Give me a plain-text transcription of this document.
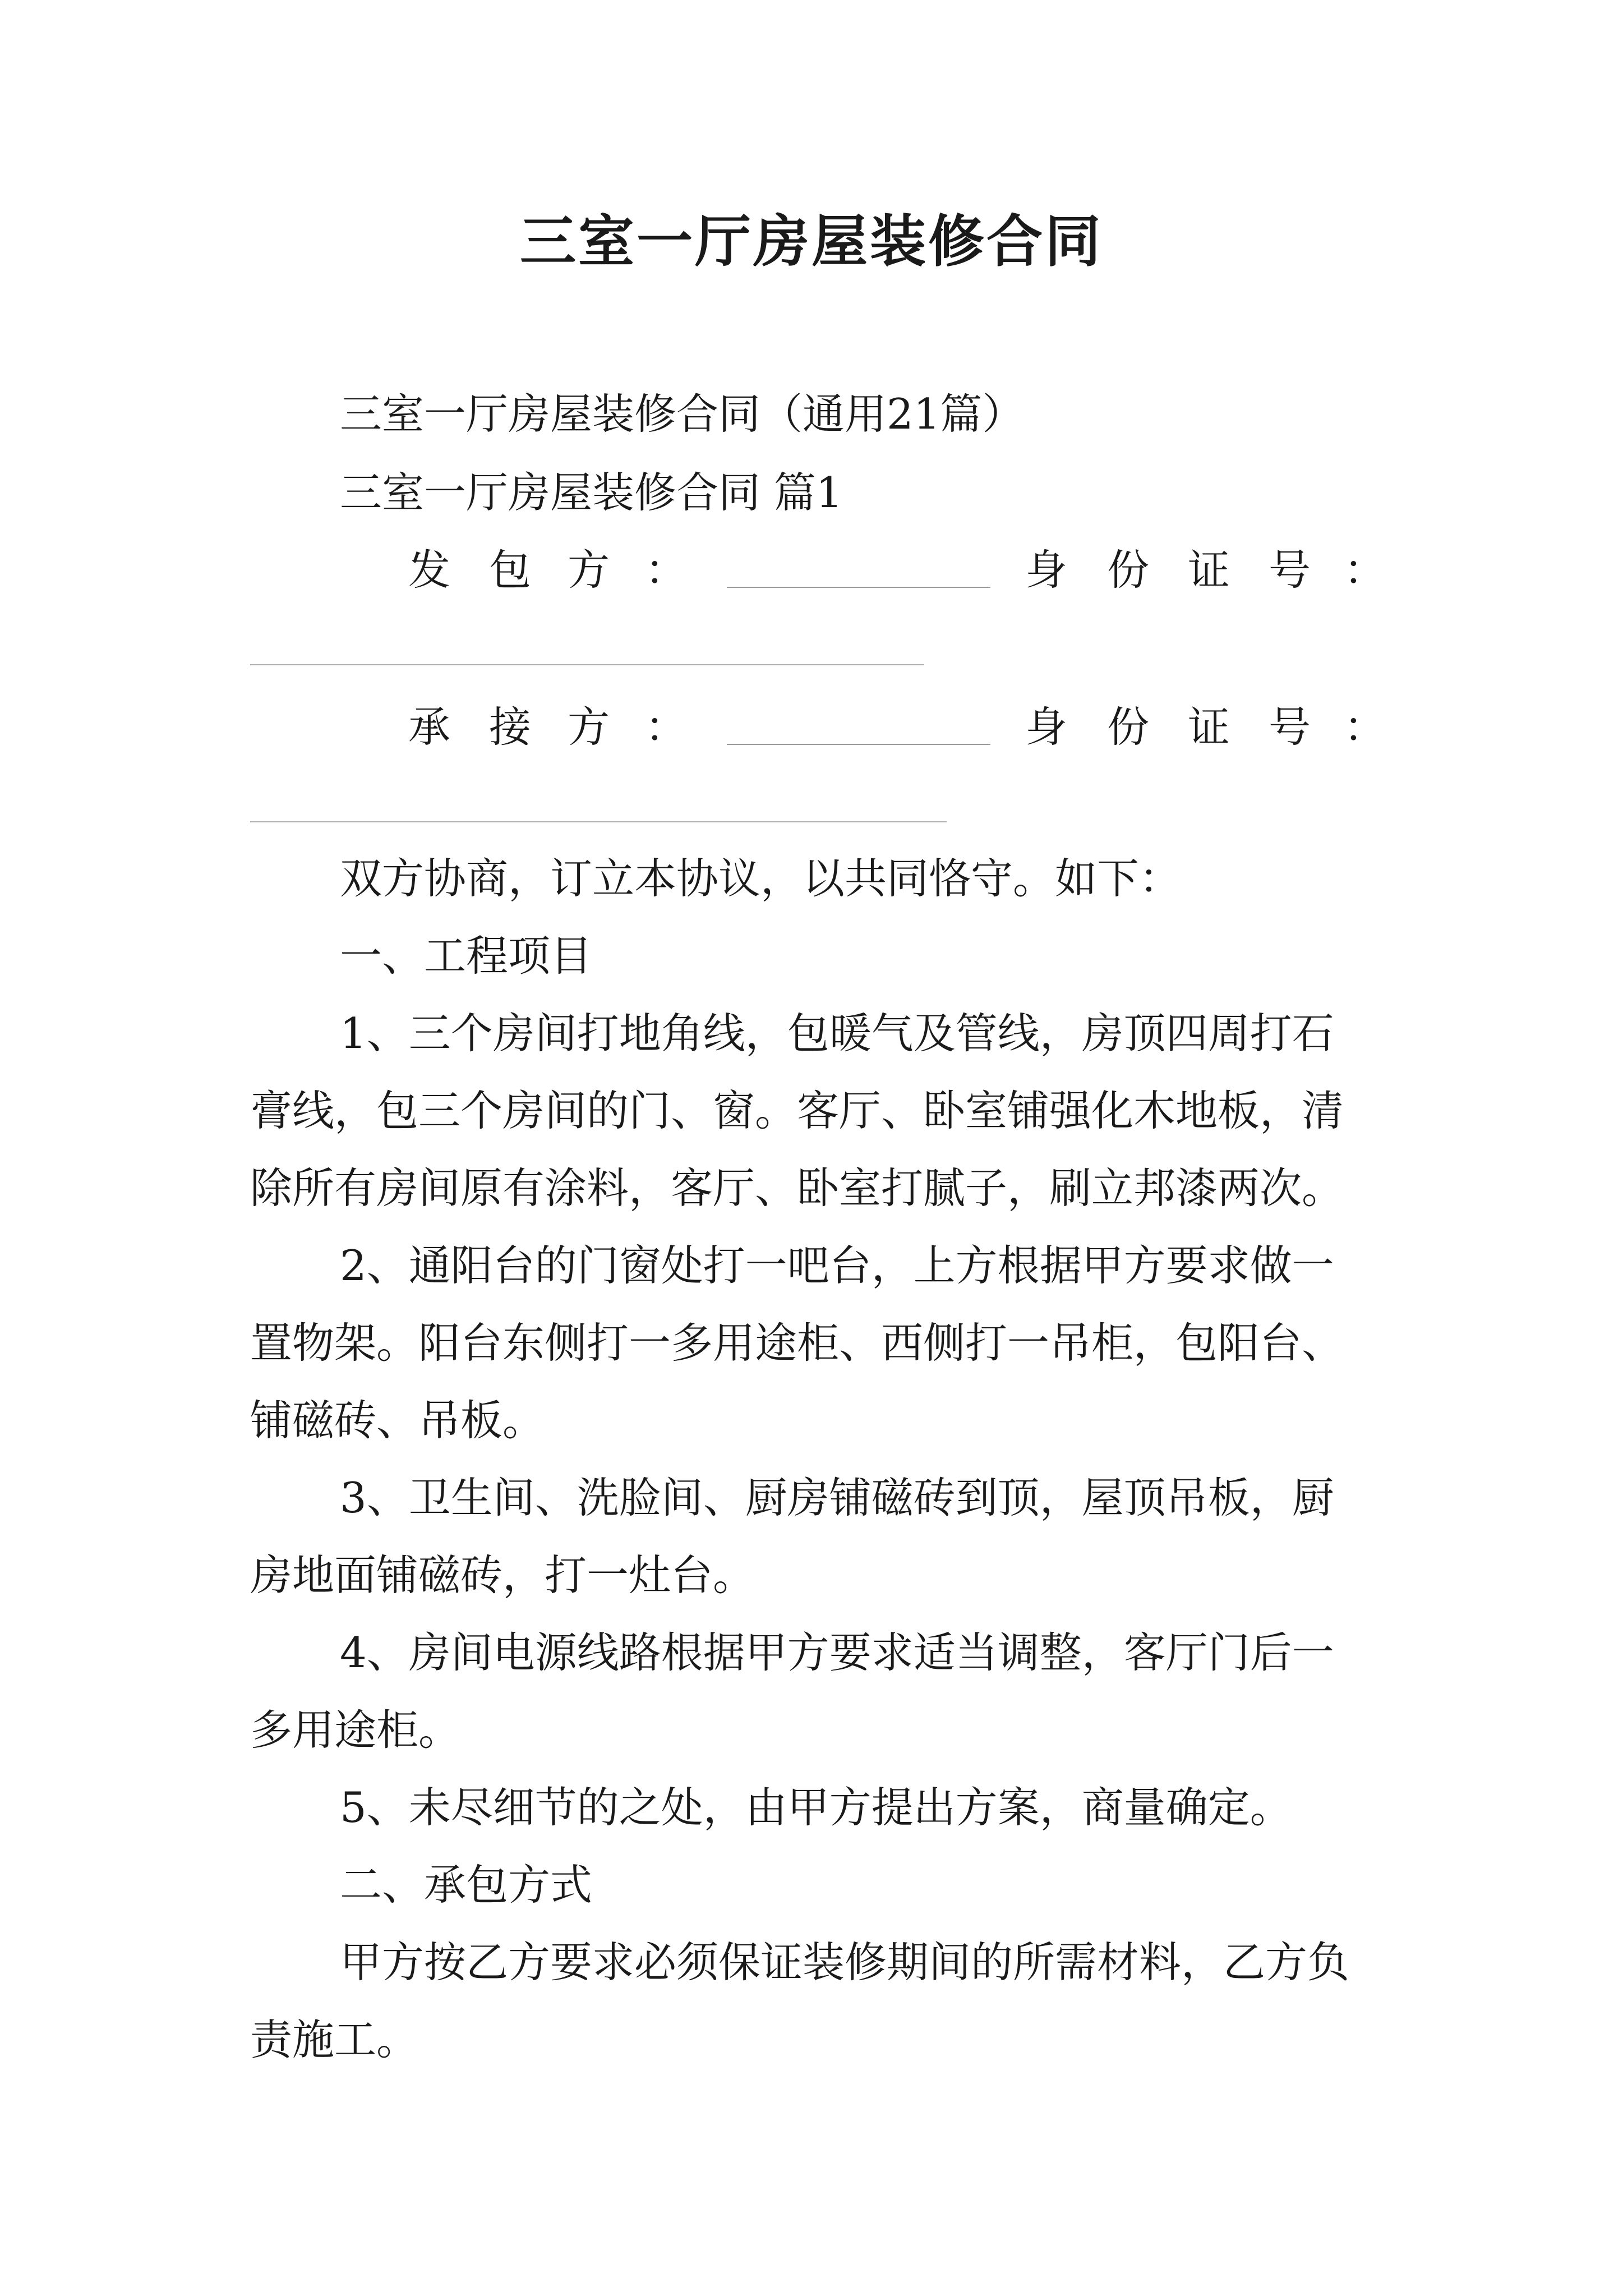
三室一厅房屋装修合同
三室一厅房屋装修合同（通用21篇）
三室一厅房屋装修合同 篇1
发 包 方 ：	身 份 证 号 ：
承 接 方 ：	身 份 证 号 ：
双方协商，订立本协议，以共同恪守。如下：
一、工程项目
1、三个房间打地角线，包暖气及管线，房顶四周打石
膏线，包三个房间的门、窗。客厅、卧室铺强化木地板，清
除所有房间原有涂料，客厅、卧室打腻子，刷立邦漆两次。
2、通阳台的门窗处打一吧台，上方根据甲方要求做一
置物架。阳台东侧打一多用途柜、西侧打一吊柜，包阳台、
铺磁砖、吊板。
3、卫生间、洗脸间、厨房铺磁砖到顶，屋顶吊板，厨
房地面铺磁砖，打一灶台。
4、房间电源线路根据甲方要求适当调整，客厅门后一
多用途柜。
5、未尽细节的之处，由甲方提出方案，商量确定。
二、承包方式
甲方按乙方要求必须保证装修期间的所需材料，乙方负
责施工。
